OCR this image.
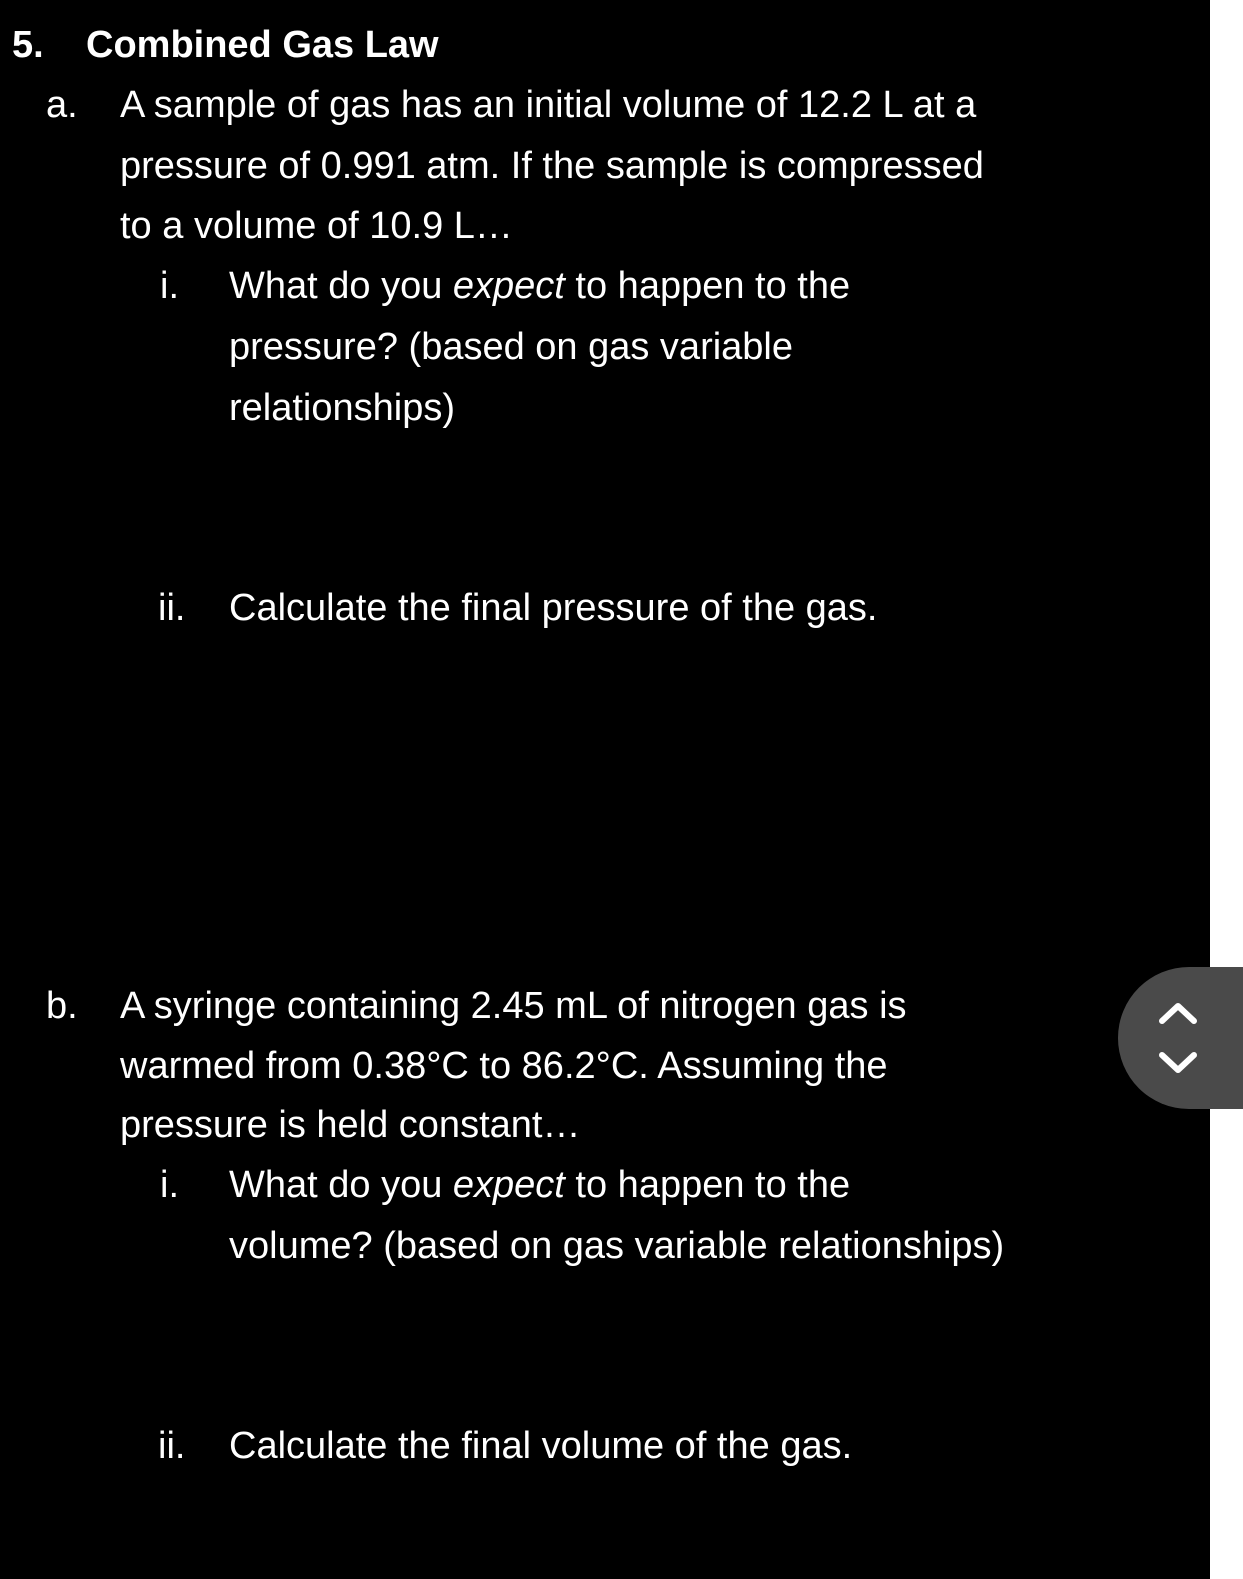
5. Combined Gas Law
a. A sample of gas has an initial volume of 12.2 L at a
pressure of 0.991 atm. If the sample is compressed
to a volume of 10.9 L…
i. What do you expect to happen to the
pressure? (based on gas variable
relationships)
ii. Calculate the final pressure of the gas.
b. A syringe containing 2.45 mL of nitrogen gas is
warmed from 0.38°C to 86.2°C. Assuming the
pressure is held constant…
i. What do you expect to happen to the
volume? (based on gas variable relationships)
ii. Calculate the final volume of the gas.
